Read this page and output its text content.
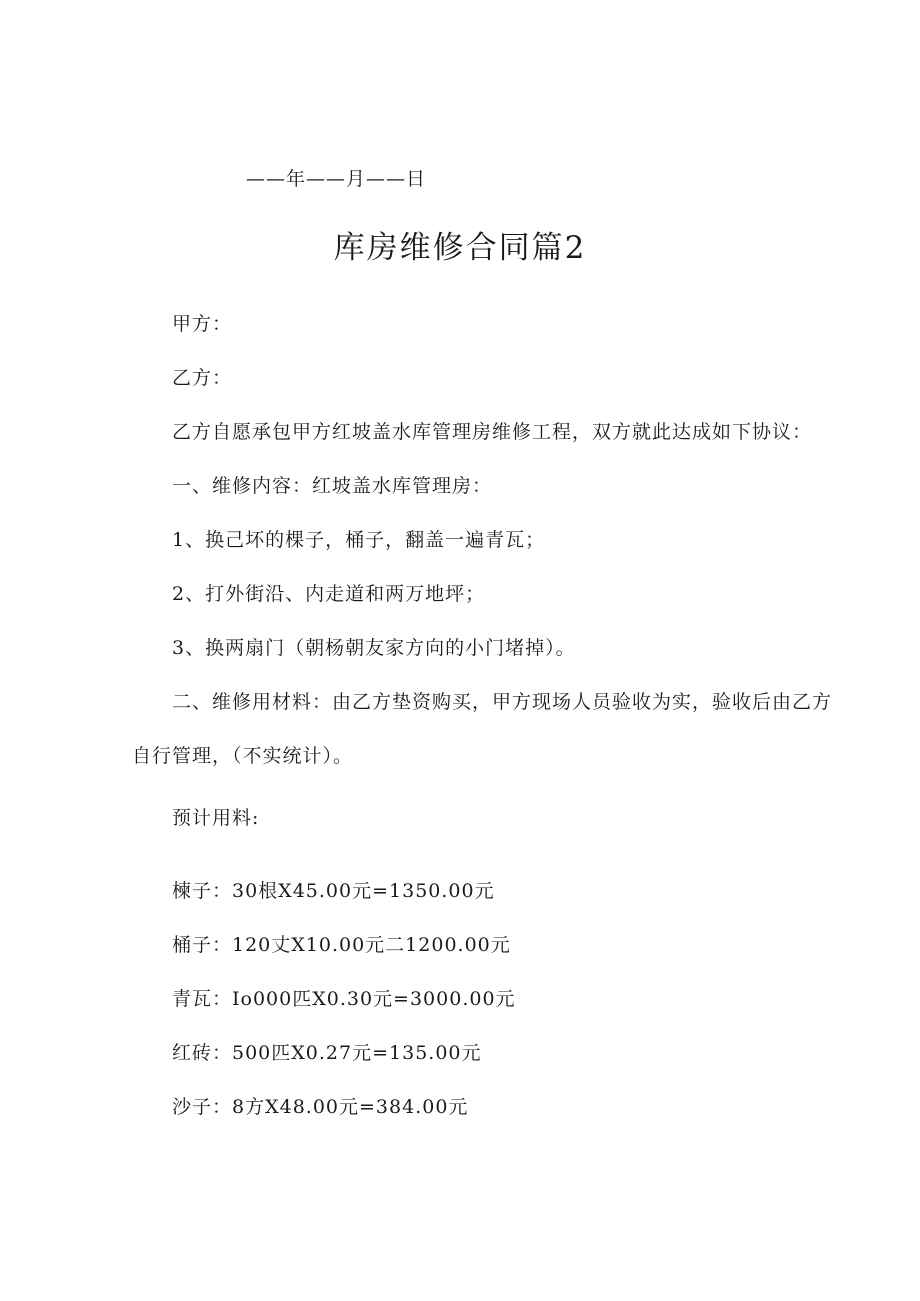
——年——月——日
库房维修合同篇2
甲方：
乙方：
乙方自愿承包甲方红坡盖水库管理房维修工程，双方就此达成如下协议：
一、维修内容：红坡盖水库管理房：
1、换己坏的棵子，桶子，翻盖一遍青瓦；
2、打外街沿、内走道和两万地坪；
3、换两扇门（朝杨朝友家方向的小门堵掉）。
二、维修用材料：由乙方垫资购买，甲方现场人员验收为实，验收后由乙方
自行管理，（不实统计）。
预计用料:
楝子：30根X45.00元=1350.00元
桶子：120丈X10.00元二1200.00元
青瓦：Io000匹X0.30元=3000.00元
红砖：500匹X0.27元=135.00元
沙子：8方X48.00元=384.00元
